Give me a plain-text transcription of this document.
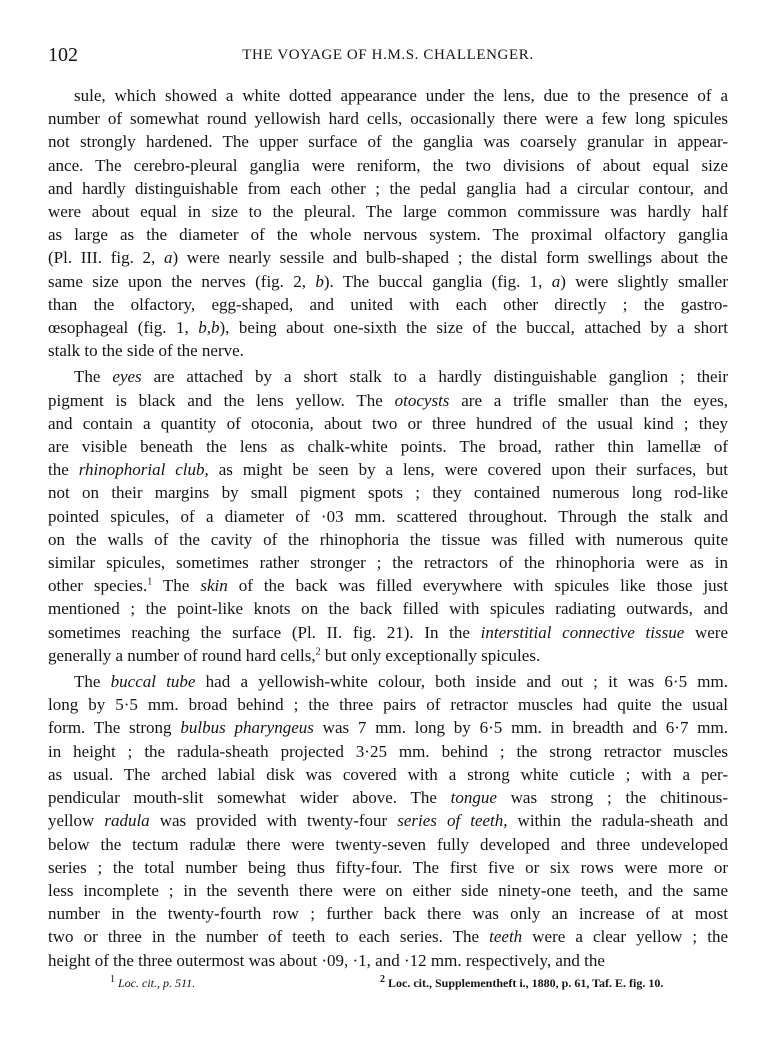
102	THE VOYAGE OF H.M.S. CHALLENGER.

sule, which showed a white dotted appearance under the lens, due to the presence of a
number of somewhat round yellowish hard cells, occasionally there were a few long spicules
not strongly hardened. The upper surface of the ganglia was coarsely granular in appear-
ance. The cerebro-pleural ganglia were reniform, the two divisions of about equal size
and hardly distinguishable from each other ; the pedal ganglia had a circular contour, and
were about equal in size to the pleural. The large common commissure was hardly half
as large as the diameter of the whole nervous system. The proximal olfactory ganglia
(Pl. III. fig. 2, a) were nearly sessile and bulb-shaped ; the distal form swellings about the
same size upon the nerves (fig. 2, b). The buccal ganglia (fig. 1, a) were slightly smaller
than the olfactory, egg-shaped, and united with each other directly ; the gastro-
œsophageal (fig. 1, b,b), being about one-sixth the size of the buccal, attached by a short
stalk to the side of the nerve.

The eyes are attached by a short stalk to a hardly distinguishable ganglion ; their
pigment is black and the lens yellow. The otocysts are a trifle smaller than the eyes,
and contain a quantity of otoconia, about two or three hundred of the usual kind ; they
are visible beneath the lens as chalk-white points. The broad, rather thin lamellæ of
the rhinophorial club, as might be seen by a lens, were covered upon their surfaces, but
not on their margins by small pigment spots ; they contained numerous long rod-like
pointed spicules, of a diameter of ·03 mm. scattered throughout. Through the stalk and
on the walls of the cavity of the rhinophoria the tissue was filled with numerous quite
similar spicules, sometimes rather stronger ; the retractors of the rhinophoria were as in
other species.$^1$ The skin of the back was filled everywhere with spicules like those just
mentioned ; the point-like knots on the back filled with spicules radiating outwards, and
sometimes reaching the surface (Pl. II. fig. 21). In the interstitial connective tissue were
generally a number of round hard cells,$^2$ but only exceptionally spicules.

The buccal tube had a yellowish-white colour, both inside and out ; it was 6·5 mm.
long by 5·5 mm. broad behind ; the three pairs of retractor muscles had quite the usual
form. The strong bulbus pharyngeus was 7 mm. long by 6·5 mm. in breadth and 6·7 mm.
in height ; the radula-sheath projected 3·25 mm. behind ; the strong retractor muscles
as usual. The arched labial disk was covered with a strong white cuticle ; with a per-
pendicular mouth-slit somewhat wider above. The tongue was strong ; the chitinous-
yellow radula was provided with twenty-four series of teeth, within the radula-sheath and
below the tectum radulæ there were twenty-seven fully developed and three undeveloped
series ; the total number being thus fifty-four. The first five or six rows were more or
less incomplete ; in the seventh there were on either side ninety-one teeth, and the same
number in the twenty-fourth row ; further back there was only an increase of at most
two or three in the number of teeth to each series. The teeth were a clear yellow ; the
height of the three outermost was about ·09, ·1, and ·12 mm. respectively, and the

$^1$ Loc. cit., p. 511.	$^2$ Loc. cit., Supplementheft i., 1880, p. 61, Taf. E. fig. 10.
